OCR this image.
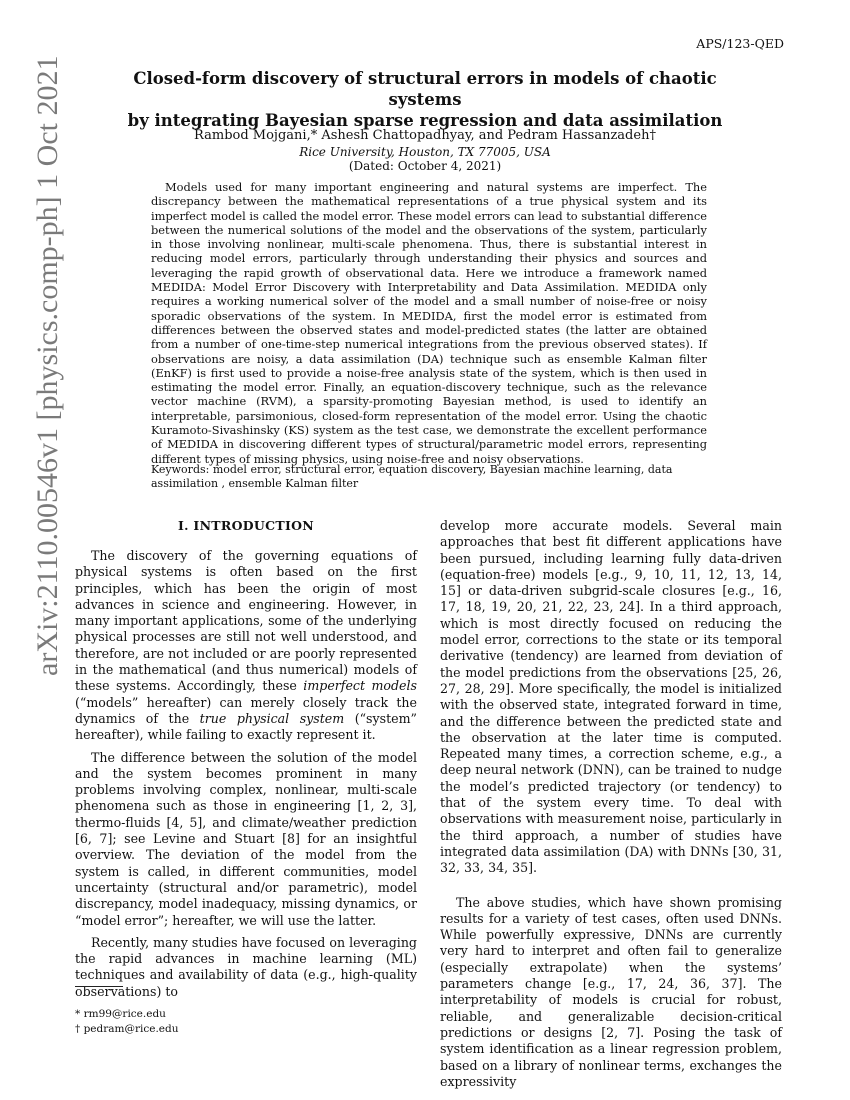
APS/123-QED
arXiv:2110.00546v1 [physics.comp-ph] 1 Oct 2021	Closed-form discovery of structural errors in models of chaotic systems
by integrating Bayesian sparse regression and data assimilation
Rambod Mojgani,* Ashesh Chattopadhyay, and Pedram Hassanzadeh†
Rice University, Houston, TX 77005, USA
(Dated: October 4, 2021)
Models used for many important engineering and natural systems are imperfect. The discrepancy between the mathematical representations of a true physical system and its imperfect model is called the model error. These model errors can lead to substantial difference between the numerical solutions of the model and the observations of the system, particularly in those involving nonlinear, multi-scale phenomena. Thus, there is substantial interest in reducing model errors, particularly through understanding their physics and sources and leveraging the rapid growth of observational data. Here we introduce a framework named MEDIDA: Model Error Discovery with Interpretability and Data Assimilation. MEDIDA only requires a working numerical solver of the model and a small number of noise-free or noisy sporadic observations of the system. In MEDIDA, first the model error is estimated from differences between the observed states and model-predicted states (the latter are obtained from a number of one-time-step numerical integrations from the previous observed states). If observations are noisy, a data assimilation (DA) technique such as ensemble Kalman filter (EnKF) is first used to provide a noise-free analysis state of the system, which is then used in estimating the model error. Finally, an equation-discovery technique, such as the relevance vector machine (RVM), a sparsity-promoting Bayesian method, is used to identify an interpretable, parsimonious, closed-form representation of the model error. Using the chaotic Kuramoto-Sivashinsky (KS) system as the test case, we demonstrate the excellent performance of MEDIDA in discovering different types of structural/parametric model errors, representing different types of missing physics, using noise-free and noisy observations.
Keywords: model error, structural error, equation discovery, Bayesian machine learning, data assimilation , ensemble Kalman filter
I. INTRODUCTION

The discovery of the governing equations of physical systems is often based on the first principles, which has been the origin of most advances in science and engineering. However, in many important applications, some of the underlying physical processes are still not well understood, and therefore, are not included or are poorly represented in the mathematical (and thus numerical) models of these systems. Accordingly, these imperfect models (“models” hereafter) can merely closely track the dynamics of the true physical system (“system” hereafter), while failing to exactly represent it.

The difference between the solution of the model and the system becomes prominent in many problems involving complex, nonlinear, multi-scale phenomena such as those in engineering [1, 2, 3], thermo-fluids [4, 5], and climate/weather prediction [6, 7]; see Levine and Stuart [8] for an insightful overview. The deviation of the model from the system is called, in different communities, model uncertainty (structural and/or parametric), model discrepancy, model inadequacy, missing dynamics, or “model error”; hereafter, we will use the latter.

Recently, many studies have focused on leveraging the rapid advances in machine learning (ML) techniques and availability of data (e.g., high-quality observations) to

develop more accurate models. Several main approaches that best fit different applications have been pursued, including learning fully data-driven (equation-free) models [e.g., 9, 10, 11, 12, 13, 14, 15] or data-driven subgrid-scale closures [e.g., 16, 17, 18, 19, 20, 21, 22, 23, 24]. In a third approach, which is most directly focused on reducing the model error, corrections to the state or its temporal derivative (tendency) are learned from deviation of the model predictions from the observations [25, 26, 27, 28, 29]. More specifically, the model is initialized with the observed state, integrated forward in time, and the difference between the predicted state and the observation at the later time is computed. Repeated many times, a correction scheme, e.g., a deep neural network (DNN), can be trained to nudge the model’s predicted trajectory (or tendency) to that of the system every time. To deal with observations with measurement noise, particularly in the third approach, a number of studies have integrated data assimilation (DA) with DNNs [30, 31, 32, 33, 34, 35].

The above studies, which have shown promising results for a variety of test cases, often used DNNs. While powerfully expressive, DNNs are currently very hard to interpret and often fail to generalize (especially extrapolate) when the systems’ parameters change [e.g., 17, 24, 36, 37]. The interpretability of models is crucial for robust, reliable, and generalizable decision-critical predictions or designs [2, 7]. Posing the task of system identification as a linear regression problem, based on a library of nonlinear terms, exchanges the expressivity

* rm99@rice.edu
† pedram@rice.edu
